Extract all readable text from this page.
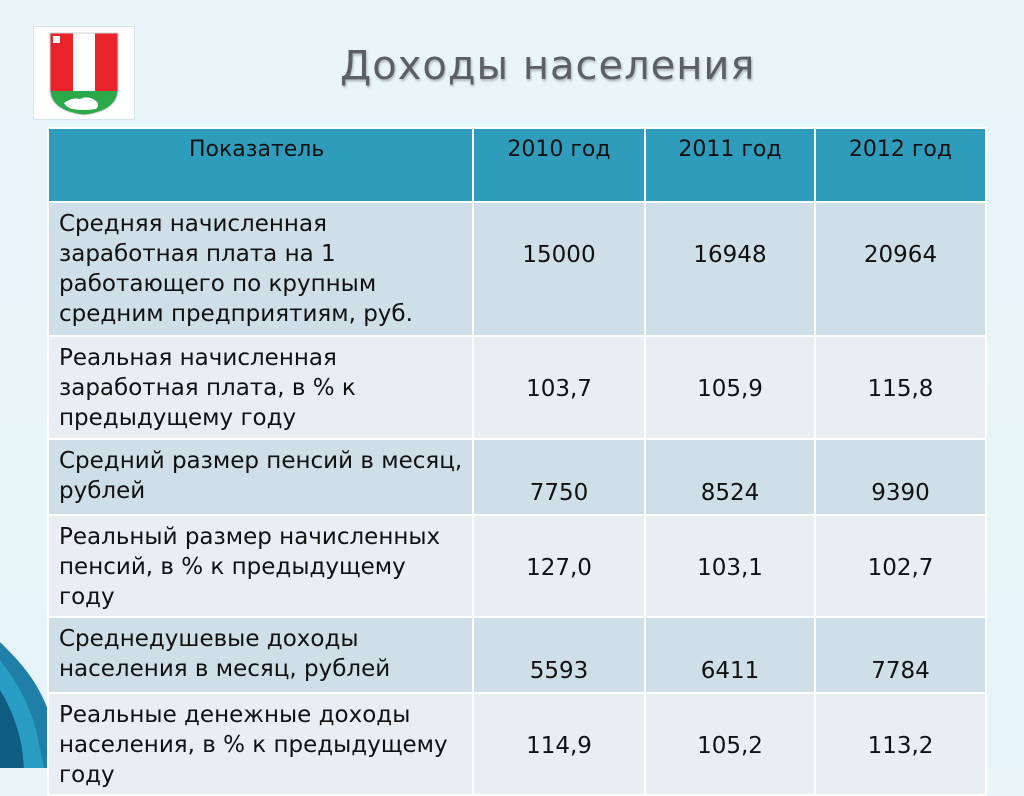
Доходы населения
Показатель	2010 год	2011 год	2012 год
Средняя начисленная заработная плата на 1 работающего по крупным средним предприятиям, руб.	15000	16948	20964
Реальная начисленная заработная плата, в % к предыдущему году	103,7	105,9	115,8
Средний размер пенсий в месяц, рублей	7750	8524	9390
Реальный размер начисленных пенсий, в % к предыдущему году	127,0	103,1	102,7
Среднедушевые доходы населения в месяц, рублей	5593	6411	7784
Реальные денежные доходы населения, в % к предыдущему году	114,9	105,2	113,2
